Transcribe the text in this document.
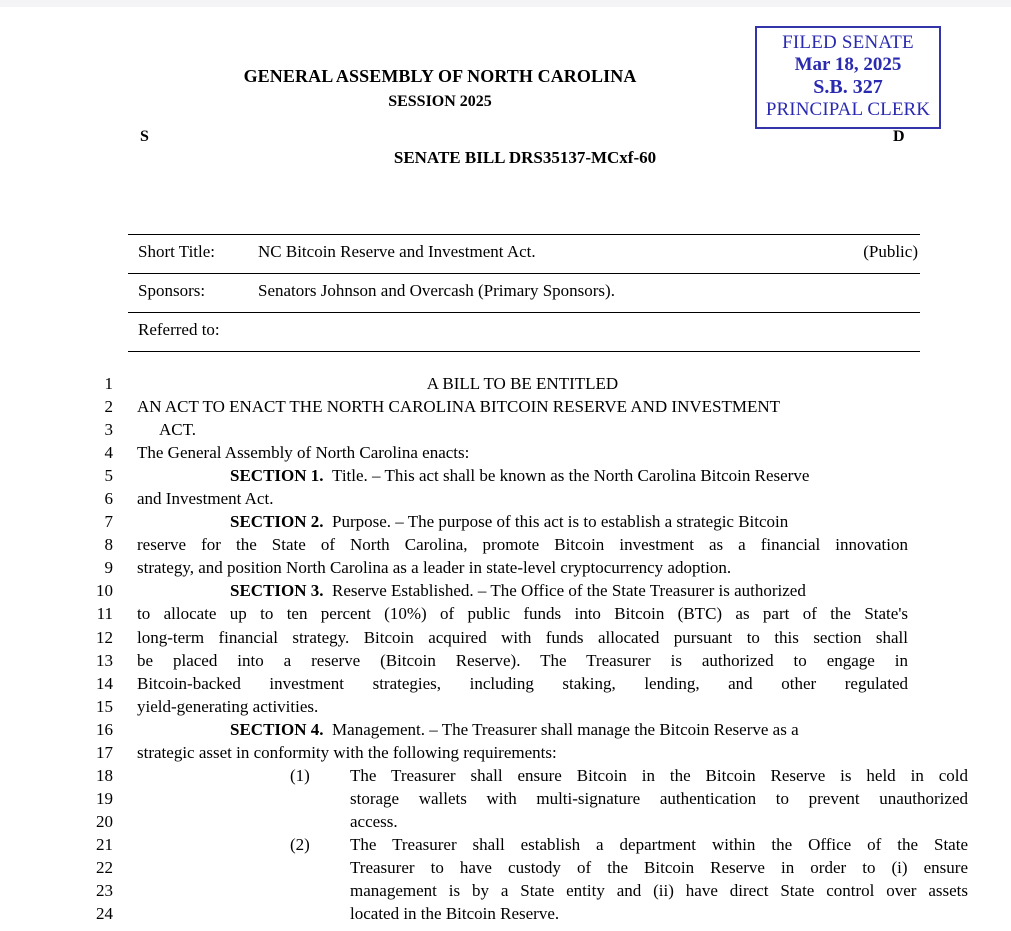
FILED SENATE
Mar 18, 2025
S.B. 327
PRINCIPAL CLERK
GENERAL ASSEMBLY OF NORTH CAROLINA
SESSION 2025
S	D
SENATE BILL DRS35137-MCxf-60
Short Title:	NC Bitcoin Reserve and Investment Act.	(Public)
Sponsors:	Senators Johnson and Overcash (Primary Sponsors).
Referred to:
1	A BILL TO BE ENTITLED
2 AN ACT TO ENACT THE NORTH CAROLINA BITCOIN RESERVE AND INVESTMENT
3	ACT.
4 The General Assembly of North Carolina enacts:
5	SECTION 1. Title. – This act shall be known as the North Carolina Bitcoin Reserve
6 and Investment Act.
7	SECTION 2. Purpose. – The purpose of this act is to establish a strategic Bitcoin
8 reserve for the State of North Carolina, promote Bitcoin investment as a financial innovation
9 strategy, and position North Carolina as a leader in state-level cryptocurrency adoption.
10	SECTION 3. Reserve Established. – The Office of the State Treasurer is authorized
11 to allocate up to ten percent (10%) of public funds into Bitcoin (BTC) as part of the State's
12 long-term financial strategy. Bitcoin acquired with funds allocated pursuant to this section shall
13 be placed into a reserve (Bitcoin Reserve). The Treasurer is authorized to engage in
14 Bitcoin-backed investment strategies, including staking, lending, and other regulated
15 yield-generating activities.
16	SECTION 4. Management. – The Treasurer shall manage the Bitcoin Reserve as a
17 strategic asset in conformity with the following requirements:
18	(1) The Treasurer shall ensure Bitcoin in the Bitcoin Reserve is held in cold
19	storage wallets with multi-signature authentication to prevent unauthorized
20	access.
21	(2) The Treasurer shall establish a department within the Office of the State
22	Treasurer to have custody of the Bitcoin Reserve in order to (i) ensure
23	management is by a State entity and (ii) have direct State control over assets
24	located in the Bitcoin Reserve.
